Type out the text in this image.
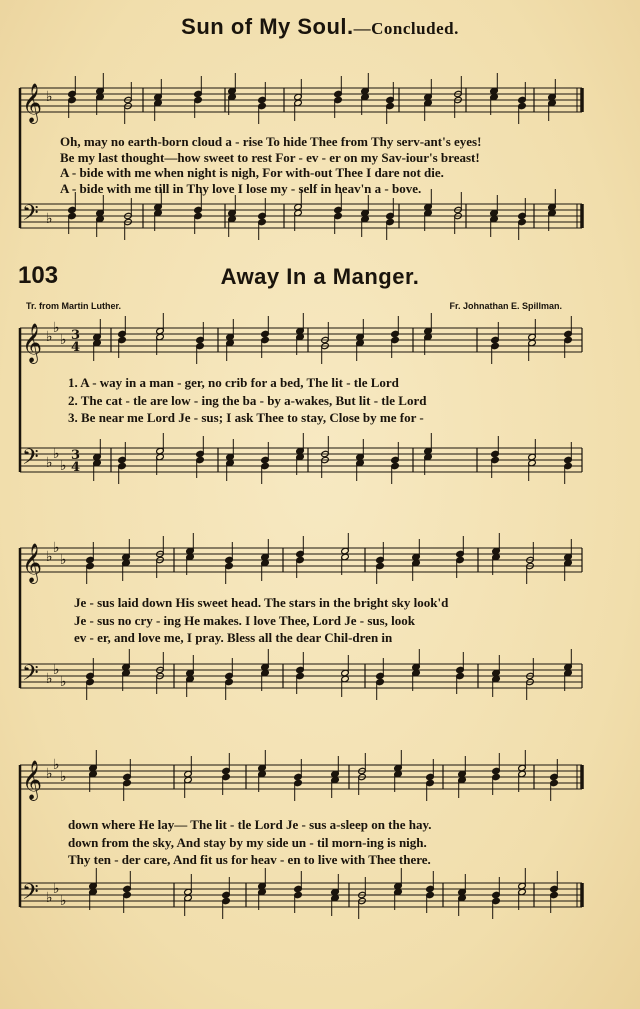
Sun of My Soul.—Concluded.
103	Away In a Manger.
Tr. from Martin Luther.	Fr. Johnathan E. Spillman.
𝄞
𝄢
♭
♭
𝄞
𝄢
♭
♭
♭
♭
♭
♭
3
4
3
4
𝄞
𝄢
♭
♭
♭
♭
♭
♭
𝄞
𝄢
♭
♭
♭
♭
♭
♭
Oh, may no earth-born cloud a - rise To hide Thee from Thy serv-ant's eyes!
Be my last thought—how sweet to rest For - ev - er on my Sav-iour's breast!
A - bide with me when night is nigh, For with-out Thee I dare not die.
A - bide with me till in Thy love I lose my - self in heav'n a - bove.
1. A - way in a man - ger, no crib for a bed, The lit - tle Lord
2. The cat - tle are low - ing the ba - by a-wakes, But lit - tle Lord
3. Be near me Lord Je - sus; I ask Thee to stay, Close by me for -
Je - sus laid down His sweet head. The stars in the bright sky look'd
Je - sus no cry - ing He makes. I love Thee, Lord Je - sus, look
ev - er, and love me, I pray. Bless all the dear Chil-dren in
down where He lay— The lit - tle Lord Je - sus a-sleep on the hay.
down from the sky, And stay by my side un - til morn-ing is nigh.
Thy ten - der care, And fit us for heav - en to live with Thee there.
